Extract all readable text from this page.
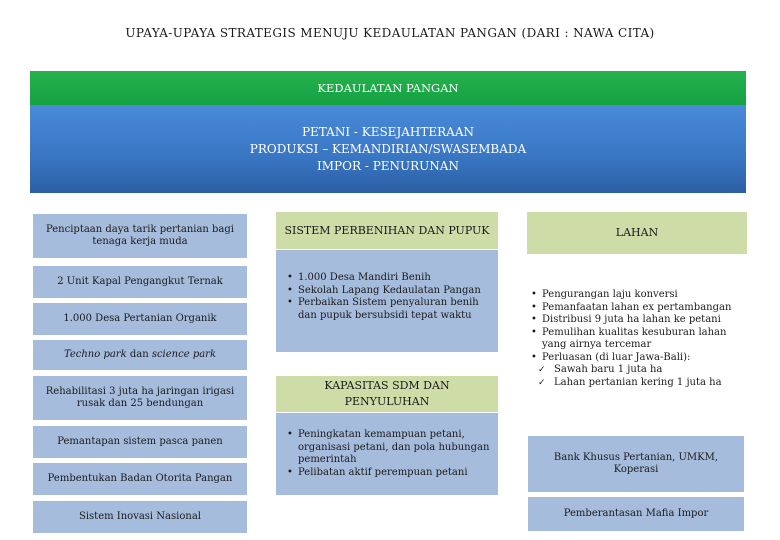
UPAYA-UPAYA STRATEGIS MENUJU KEDAULATAN PANGAN (DARI : NAWA CITA)
KEDAULATAN PANGAN
PETANI - KESEJAHTERAAN
PRODUKSI – KEMANDIRIAN/SWASEMBADA
IMPOR - PENURUNAN
Penciptaan daya tarik pertanian bagi tenaga kerja muda
2 Unit Kapal Pengangkut Ternak
1.000 Desa Pertanian Organik
Techno park dan science park
Rehabilitasi 3 juta ha jaringan irigasi rusak dan 25 bendungan
Pemantapan sistem pasca panen
Pembentukan Badan Otorita Pangan
Sistem Inovasi Nasional
SISTEM PERBENIHAN DAN PUPUK
• 1.000 Desa Mandiri Benih
• Sekolah Lapang Kedaulatan Pangan
• Perbaikan Sistem penyaluran benih dan pupuk bersubsidi tepat waktu
KAPASITAS SDM DAN PENYULUHAN
• Peningkatan kemampuan petani, organisasi petani, dan pola hubungan pemerintah
• Pelibatan aktif perempuan petani
LAHAN
• Pengurangan laju konversi
• Pemanfaatan lahan ex pertambangan
• Distribusi 9 juta ha lahan ke petani
• Pemulihan kualitas kesuburan lahan yang airnya tercemar
• Perluasan (di luar Jawa-Bali):
✓ Sawah baru 1 juta ha
✓ Lahan pertanian kering 1 juta ha
Bank Khusus Pertanian, UMKM, Koperasi
Pemberantasan Mafia Impor
